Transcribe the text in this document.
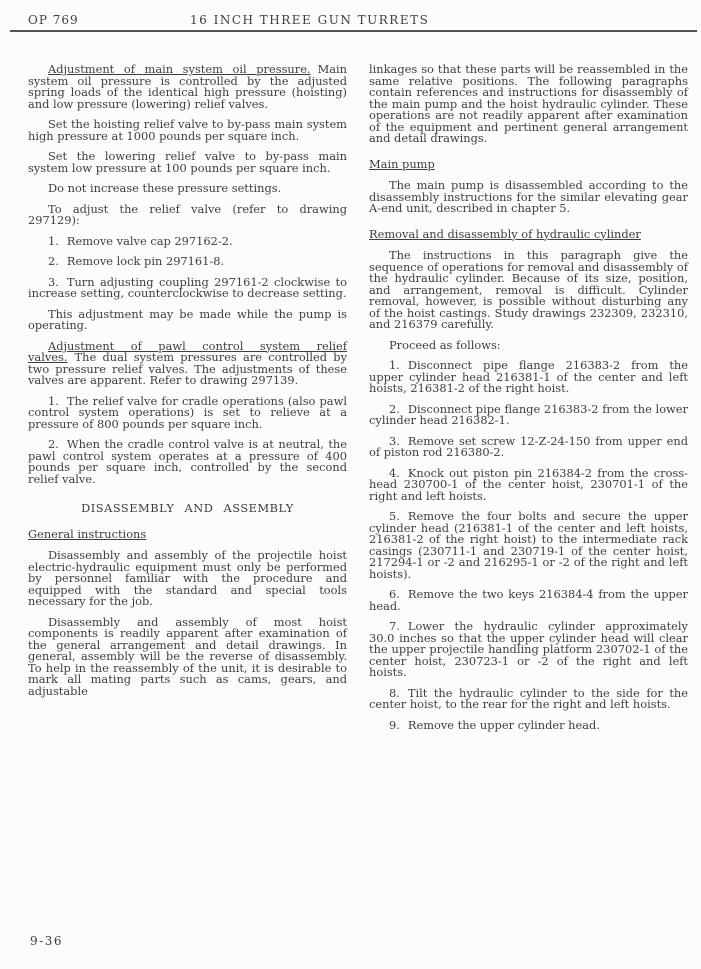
OP 769	16 INCH THREE GUN TURRETS

Adjustment of main system oil pressure. Main system oil pressure is controlled by the adjusted spring loads of the identical high pressure (hoisting) and low pressure (lowering) relief valves.

Set the hoisting relief valve to by-pass main system high pressure at 1000 pounds per square inch.

Set the lowering relief valve to by-pass main system low pressure at 100 pounds per square inch.

Do not increase these pressure settings.

To adjust the relief valve (refer to drawing 297129):

1. Remove valve cap 297162-2.

2. Remove lock pin 297161-8.

3. Turn adjusting coupling 297161-2 clockwise to increase setting, counterclockwise to decrease setting.

This adjustment may be made while the pump is operating.

Adjustment of pawl control system relief valves. The dual system pressures are controlled by two pressure relief valves. The adjustments of these valves are apparent. Refer to drawing 297139.

1. The relief valve for cradle operations (also pawl control system operations) is set to relieve at a pressure of 800 pounds per square inch.

2. When the cradle control valve is at neutral, the pawl control system operates at a pressure of 400 pounds per square inch, controlled by the second relief valve.

DISASSEMBLY AND ASSEMBLY

General instructions

Disassembly and assembly of the projectile hoist electric-hydraulic equipment must only be performed by personnel familiar with the procedure and equipped with the standard and special tools necessary for the job.

Disassembly and assembly of most hoist components is readily apparent after examination of the general arrangement and detail drawings. In general, assembly will be the reverse of disassembly. To help in the reassembly of the unit, it is desirable to mark all mating parts such as cams, gears, and adjustable

linkages so that these parts will be reassembled in the same relative positions. The following paragraphs contain references and instructions for disassembly of the main pump and the hoist hydraulic cylinder. These operations are not readily apparent after examination of the equipment and pertinent general arrangement and detail drawings.

Main pump

The main pump is disassembled according to the disassembly instructions for the similar elevating gear A-end unit, described in chapter 5.

Removal and disassembly of hydraulic cylinder

The instructions in this paragraph give the sequence of operations for removal and disassembly of the hydraulic cylinder. Because of its size, position, and arrangement, removal is difficult. Cylinder removal, however, is possible without disturbing any of the hoist castings. Study drawings 232309, 232310, and 216379 carefully.

Proceed as follows:

1. Disconnect pipe flange 216383-2 from the upper cylinder head 216381-1 of the center and left hoists, 216381-2 of the right hoist.

2. Disconnect pipe flange 216383-2 from the lower cylinder head 216382-1.

3. Remove set screw 12-Z-24-150 from upper end of piston rod 216380-2.

4. Knock out piston pin 216384-2 from the cross-head 230700-1 of the center hoist, 230701-1 of the right and left hoists.

5. Remove the four bolts and secure the upper cylinder head (216381-1 of the center and left hoists, 216381-2 of the right hoist) to the intermediate rack casings (230711-1 and 230719-1 of the center hoist, 217294-1 or -2 and 216295-1 or -2 of the right and left hoists).

6. Remove the two keys 216384-4 from the upper head.

7. Lower the hydraulic cylinder approximately 30.0 inches so that the upper cylinder head will clear the upper projectile handling platform 230702-1 of the center hoist, 230723-1 or -2 of the right and left hoists.

8. Tilt the hydraulic cylinder to the side for the center hoist, to the rear for the right and left hoists.

9. Remove the upper cylinder head.

9-36
